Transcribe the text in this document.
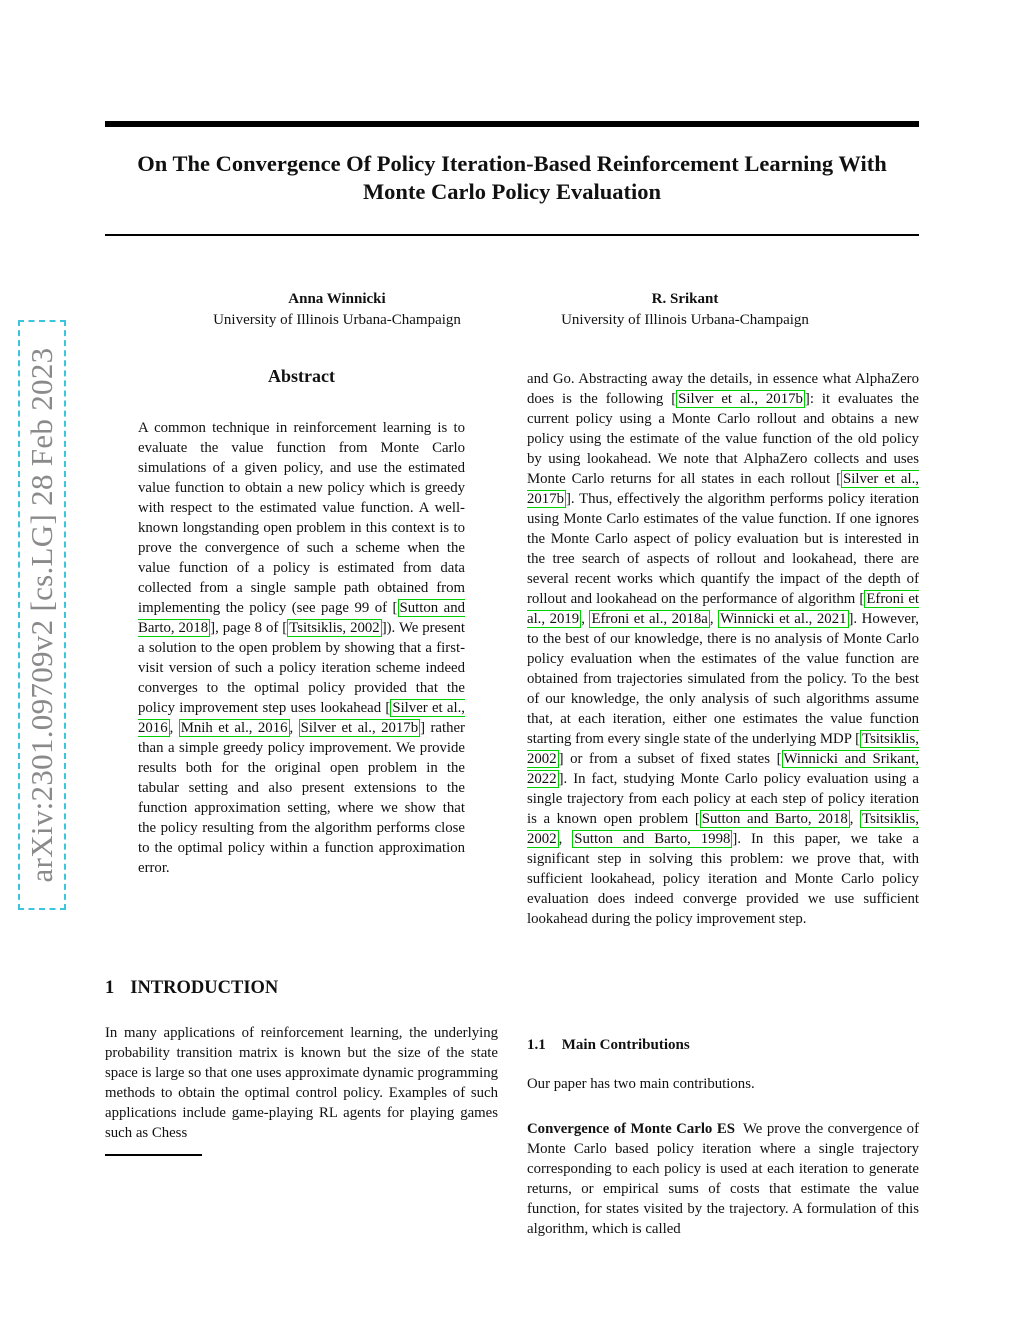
arXiv:2301.09709v2 [cs.LG] 28 Feb 2023
On The Convergence Of Policy Iteration-Based Reinforcement Learning With Monte Carlo Policy Evaluation
Anna Winnicki
University of Illinois Urbana-Champaign
R. Srikant
University of Illinois Urbana-Champaign
Abstract

A common technique in reinforcement learning is to evaluate the value function from Monte Carlo simulations of a given policy, and use the estimated value function to obtain a new policy which is greedy with respect to the estimated value function. A well-known longstanding open problem in this context is to prove the convergence of such a scheme when the value function of a policy is estimated from data collected from a single sample path obtained from implementing the policy (see page 99 of [ Sutton and Barto, 2018 ], page 8 of [ Tsitsiklis, 2002 ]). We present a solution to the open problem by showing that a first-visit version of such a policy iteration scheme indeed converges to the optimal policy provided that the policy improvement step uses lookahead [ Silver et al., 2016 , Mnih et al., 2016 , Silver et al., 2017b ] rather than a simple greedy policy improvement. We provide results both for the original open problem in the tabular setting and also present extensions to the function approximation setting, where we show that the policy resulting from the algorithm performs close to the optimal policy within a function approximation error.

1 INTRODUCTION

In many applications of reinforcement learning, the underlying probability transition matrix is known but the size of the state space is large so that one uses approximate dynamic programming methods to obtain the optimal control policy. Examples of such applications include game-playing RL agents for playing games such as Chess

and Go. Abstracting away the details, in essence what AlphaZero does is the following [ Silver et al., 2017b ]: it evaluates the current policy using a Monte Carlo rollout and obtains a new policy using the estimate of the value function of the old policy by using lookahead. We note that AlphaZero collects and uses Monte Carlo returns for all states in each rollout [ Silver et al., 2017b ]. Thus, effectively the algorithm performs policy iteration using Monte Carlo estimates of the value function. If one ignores the Monte Carlo aspect of policy evaluation but is interested in the tree search of aspects of rollout and lookahead, there are several recent works which quantify the impact of the depth of rollout and lookahead on the performance of algorithm [ Efroni et al., 2019 , Efroni et al., 2018a , Winnicki et al., 2021 ]. However, to the best of our knowledge, there is no analysis of Monte Carlo policy evaluation when the estimates of the value function are obtained from trajectories simulated from the policy. To the best of our knowledge, the only analysis of such algorithms assume that, at each iteration, either one estimates the value function starting from every single state of the underlying MDP [ Tsitsiklis, 2002 ] or from a subset of fixed states [ Winnicki and Srikant, 2022 ]. In fact, studying Monte Carlo policy evaluation using a single trajectory from each policy at each step of policy iteration is a known open problem [ Sutton and Barto, 2018 , Tsitsiklis, 2002 , Sutton and Barto, 1998 ]. In this paper, we take a significant step in solving this problem: we prove that, with sufficient lookahead, policy iteration and Monte Carlo policy evaluation does indeed converge provided we use sufficient lookahead during the policy improvement step.

1.1 Main Contributions

Our paper has two main contributions.

Convergence of Monte Carlo ES We prove the convergence of Monte Carlo based policy iteration where a single trajectory corresponding to each policy is used at each iteration to generate returns, or empirical sums of costs that estimate the value function, for states visited by the trajectory. A formulation of this algorithm, which is called
